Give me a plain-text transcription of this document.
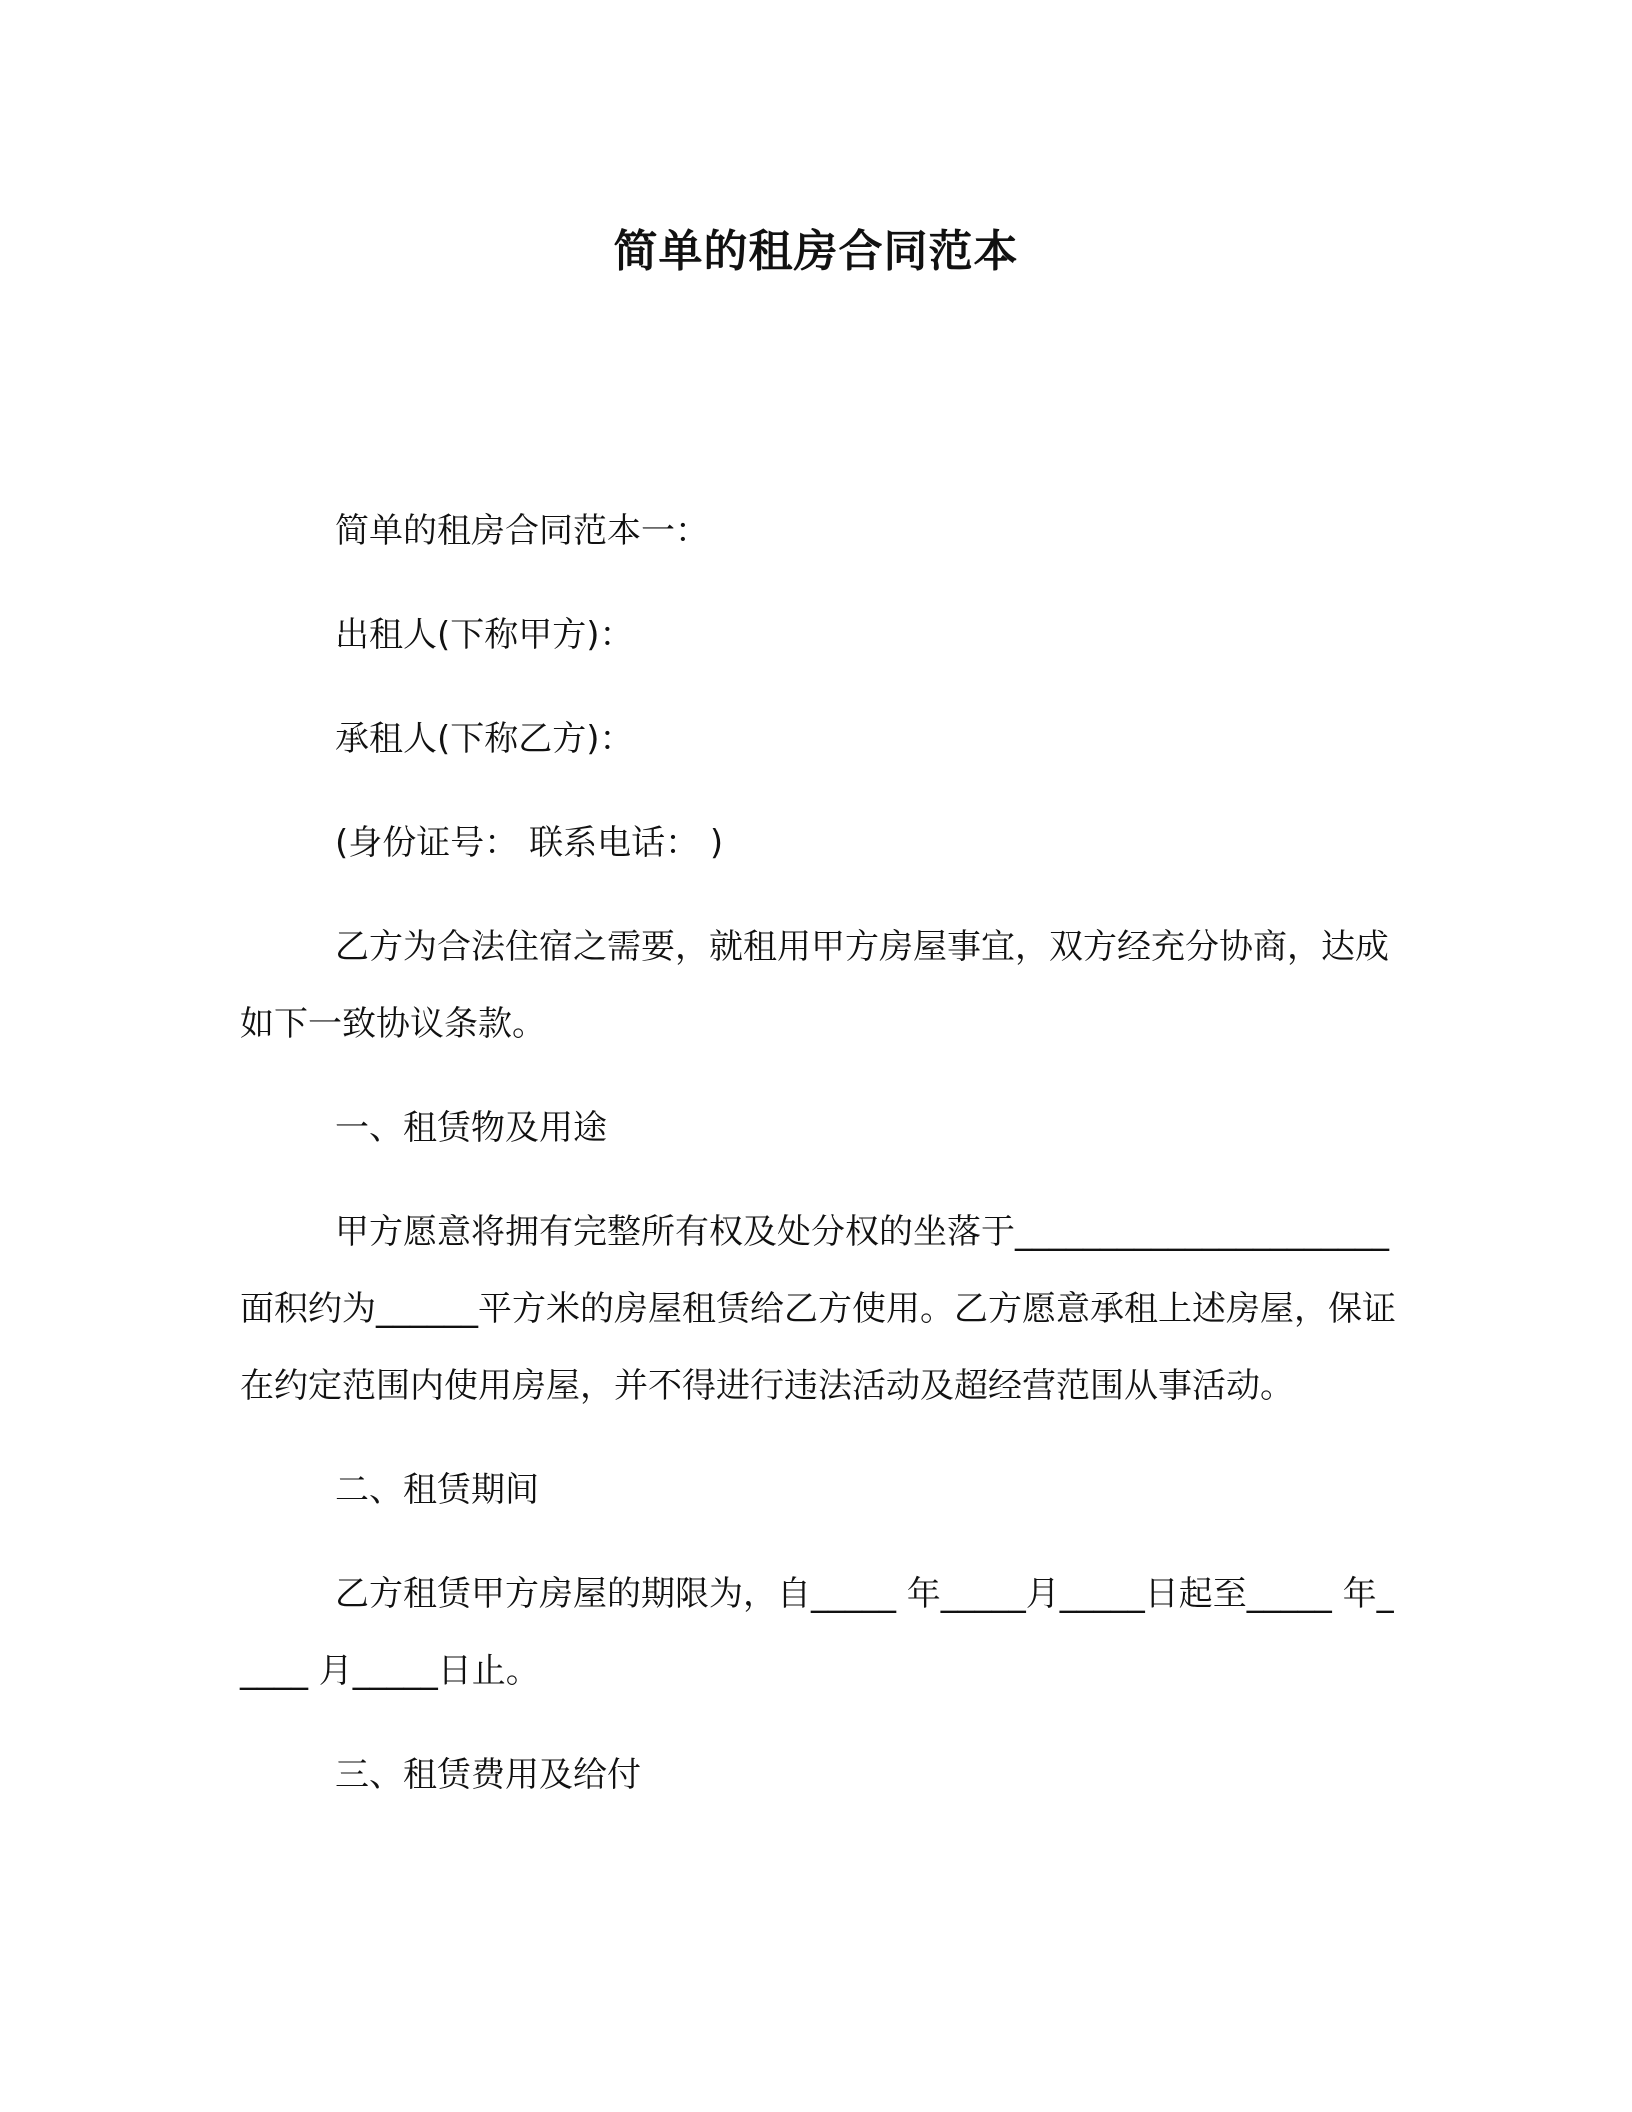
简单的租房合同范本

简单的租房合同范本一：

出租人(下称甲方)：

承租人(下称乙方)：

(身份证号： 联系电话： )

乙方为合法住宿之需要，就租用甲方房屋事宜，双方经充分协商，达成如下一致协议条款。

一、租赁物及用途

甲方愿意将拥有完整所有权及处分权的坐落于______________________面积约为______平方米的房屋租赁给乙方使用。乙方愿意承租上述房屋，保证在约定范围内使用房屋，并不得进行违法活动及超经营范围从事活动。

二、租赁期间

乙方租赁甲方房屋的期限为，自_____ 年_____月_____日起至_____ 年_____ 月_____日止。

三、租赁费用及给付
